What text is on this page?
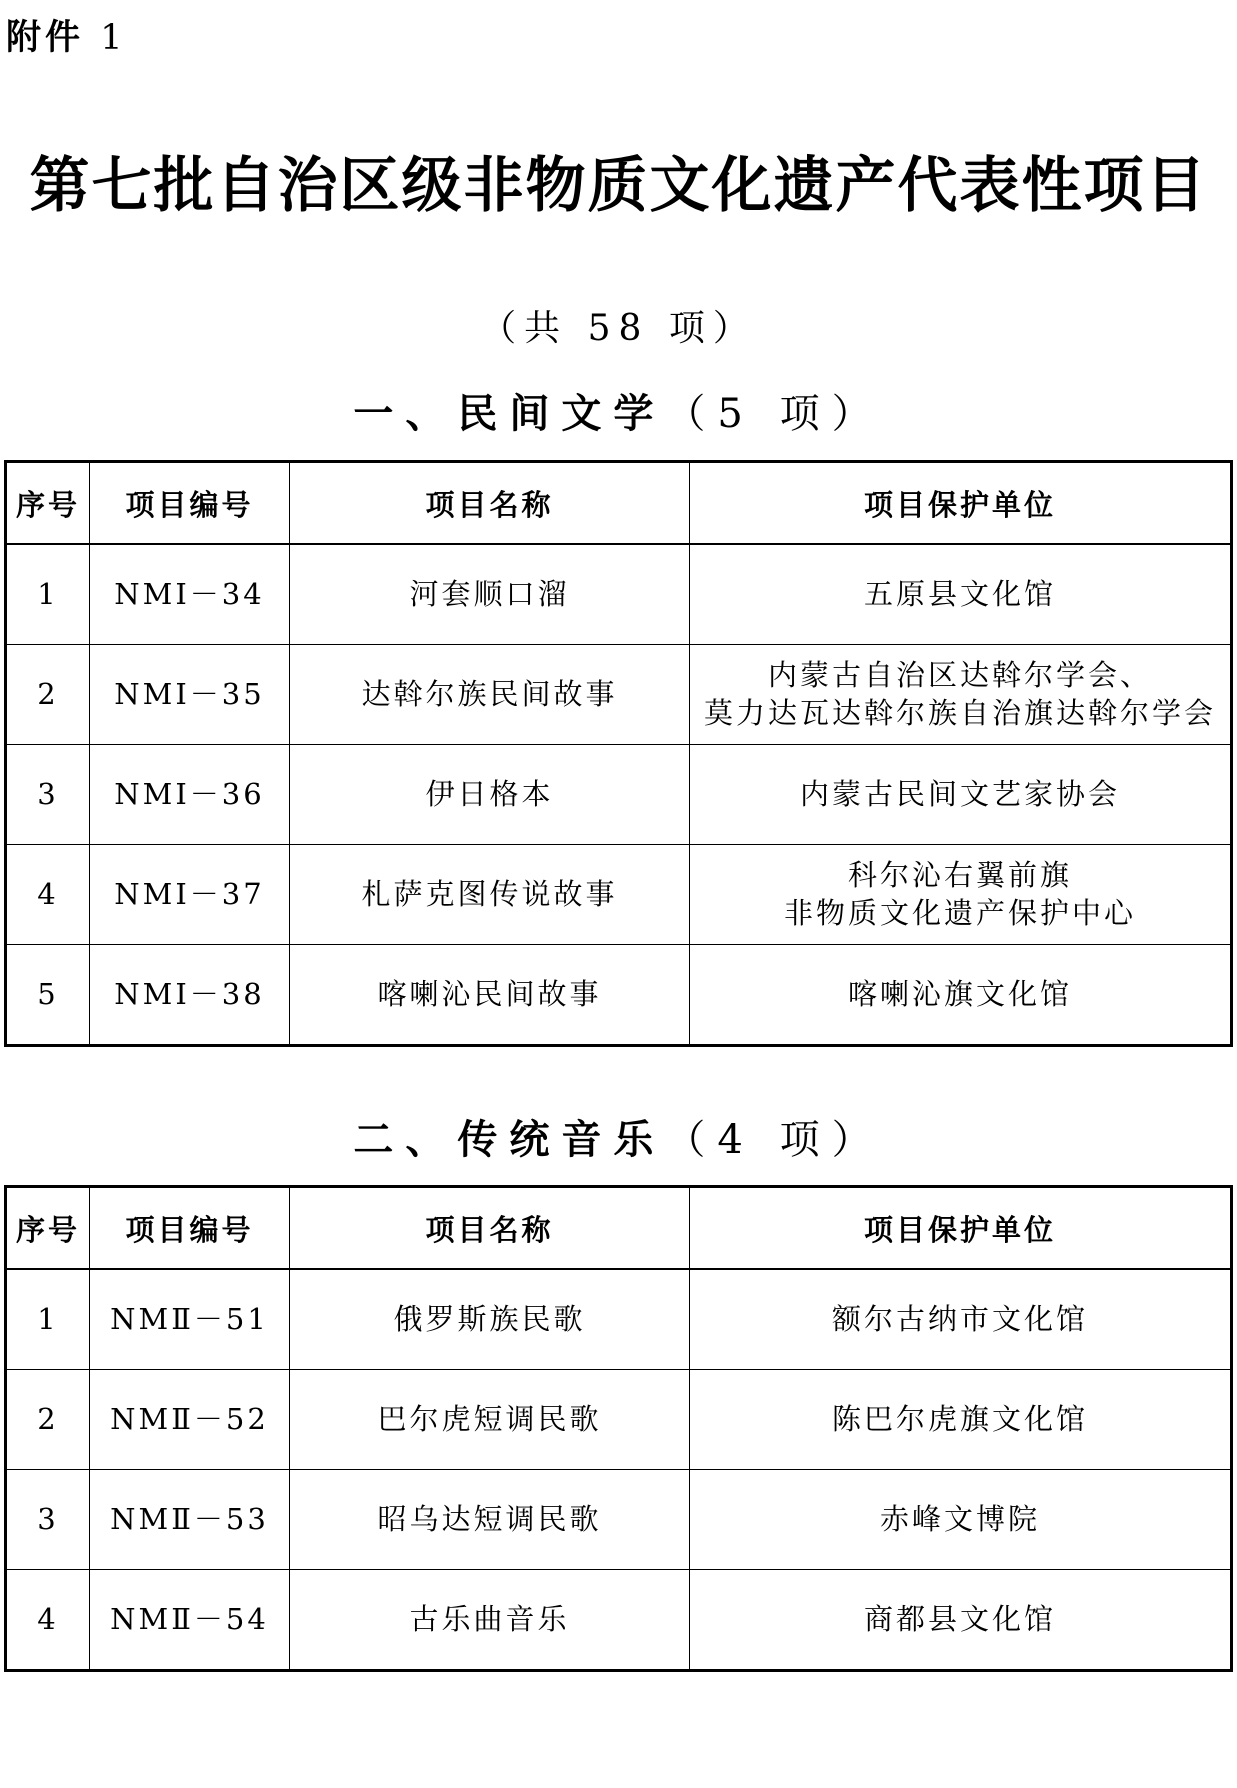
附件 1
第七批自治区级非物质文化遗产代表性项目
（共 58 项）
一、民间文学（5 项）
序号	项目编号	项目名称	项目保护单位
1	NMⅠ－34	河套顺口溜	五原县文化馆

2	NMⅠ－35	达斡尔族民间故事	内蒙古自治区达斡尔学会、
莫力达瓦达斡尔族自治旗达斡尔学会

3	NMⅠ－36	伊日格本	内蒙古民间文艺家协会

4	NMⅠ－37	札萨克图传说故事	科尔沁右翼前旗
非物质文化遗产保护中心

5	NMⅠ－38	喀喇沁民间故事	喀喇沁旗文化馆
二、传统音乐（4 项）
序号	项目编号	项目名称	项目保护单位
1	NMⅡ－51	俄罗斯族民歌	额尔古纳市文化馆

2	NMⅡ－52	巴尔虎短调民歌	陈巴尔虎旗文化馆

3	NMⅡ－53	昭乌达短调民歌	赤峰文博院

4	NMⅡ－54	古乐曲音乐	商都县文化馆
